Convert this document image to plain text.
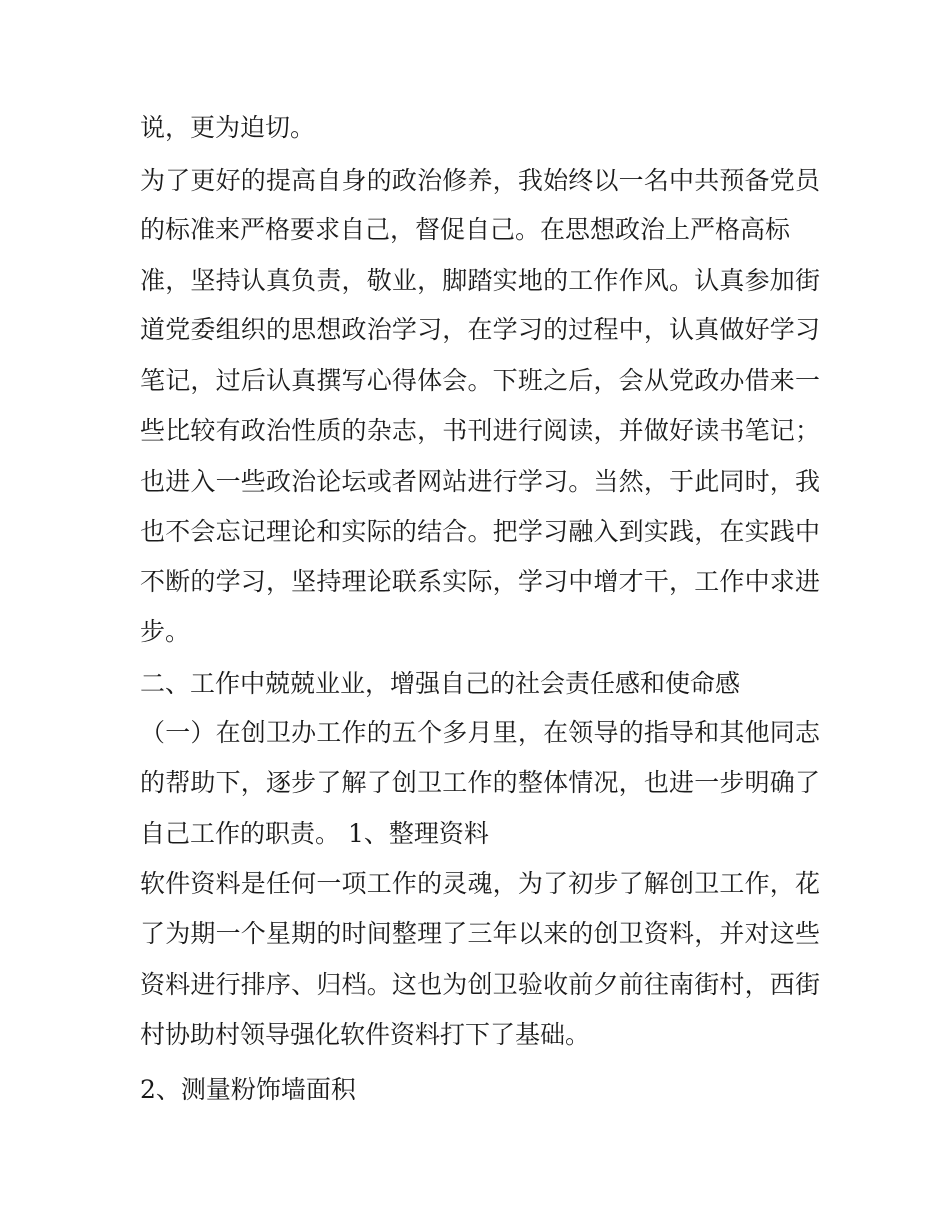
说，更为迫切。
为了更好的提高自身的政治修养，我始终以一名中共预备党员
的标准来严格要求自己，督促自己。在思想政治上严格高标
准，坚持认真负责，敬业，脚踏实地的工作作风。认真参加街
道党委组织的思想政治学习，在学习的过程中，认真做好学习
笔记，过后认真撰写心得体会。下班之后，会从党政办借来一
些比较有政治性质的杂志，书刊进行阅读，并做好读书笔记；
也进入一些政治论坛或者网站进行学习。当然，于此同时，我
也不会忘记理论和实际的结合。把学习融入到实践，在实践中
不断的学习，坚持理论联系实际，学习中增才干，工作中求进
步。
二、工作中兢兢业业，增强自己的社会责任感和使命感
（一）在创卫办工作的五个多月里，在领导的指导和其他同志
的帮助下，逐步了解了创卫工作的整体情况，也进一步明确了
自己工作的职责。 1、整理资料
软件资料是任何一项工作的灵魂，为了初步了解创卫工作，花
了为期一个星期的时间整理了三年以来的创卫资料，并对这些
资料进行排序、归档。这也为创卫验收前夕前往南街村，西街
村协助村领导强化软件资料打下了基础。
2、测量粉饰墙面积
